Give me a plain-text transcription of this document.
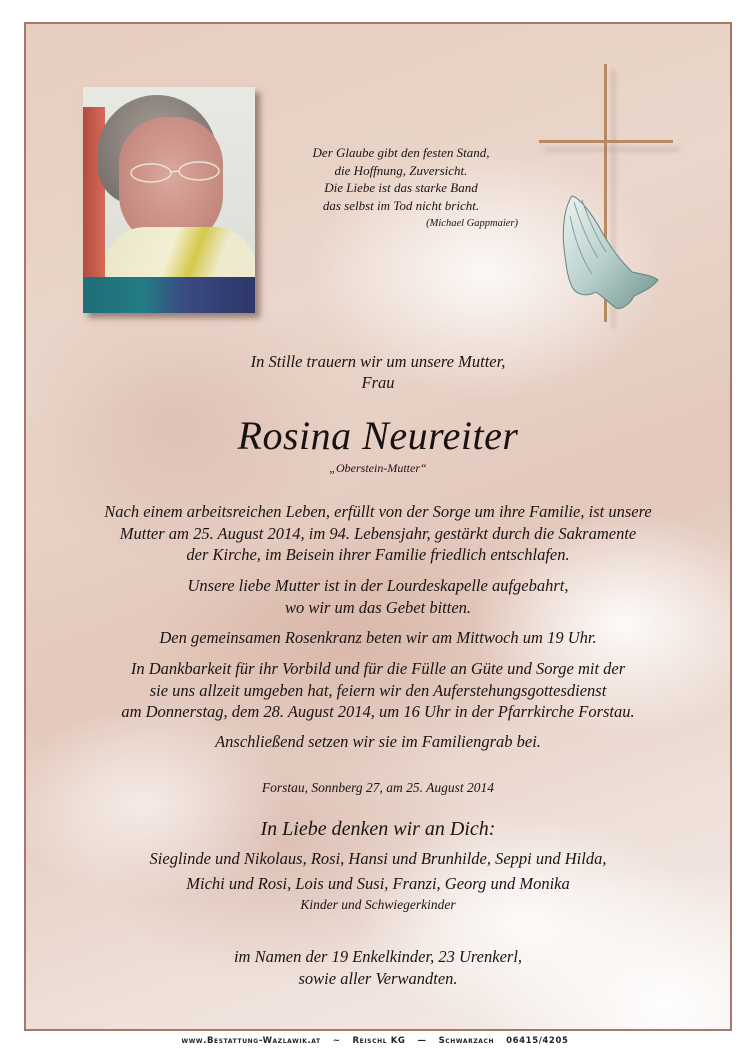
Der Glaube gibt den festen Stand,
die Hoffnung, Zuversicht.
Die Liebe ist das starke Band
das selbst im Tod nicht bricht.
(Michael Gappmaier)
In Stille trauern wir um unsere Mutter,
Frau
Rosina Neureiter
„Oberstein-Mutter“
Nach einem arbeitsreichen Leben, erfüllt von der Sorge um ihre Familie, ist unsere
Mutter am 25. August 2014, im 94. Lebensjahr, gestärkt durch die Sakramente
der Kirche, im Beisein ihrer Familie friedlich entschlafen.
Unsere liebe Mutter ist in der Lourdeskapelle aufgebahrt,
wo wir um das Gebet bitten.
Den gemeinsamen Rosenkranz beten wir am Mittwoch um 19 Uhr.
In Dankbarkeit für ihr Vorbild und für die Fülle an Güte und Sorge mit der
sie uns allzeit umgeben hat, feiern wir den Auferstehungsgottesdienst
am Donnerstag, dem 28. August 2014, um 16 Uhr in der Pfarrkirche Forstau.
Anschließend setzen wir sie im Familiengrab bei.
Forstau, Sonnberg 27, am 25. August 2014
In Liebe denken wir an Dich:
Sieglinde und Nikolaus, Rosi, Hansi und Brunhilde, Seppi und Hilda,
Michi und Rosi, Lois und Susi, Franzi, Georg und Monika
Kinder und Schwiegerkinder
im Namen der 19 Enkelkinder, 23 Urenkerl,
sowie aller Verwandten.
www.Bestattung-Wazlawik.at ~ Reischl KG — Schwarzach 06415/4205
